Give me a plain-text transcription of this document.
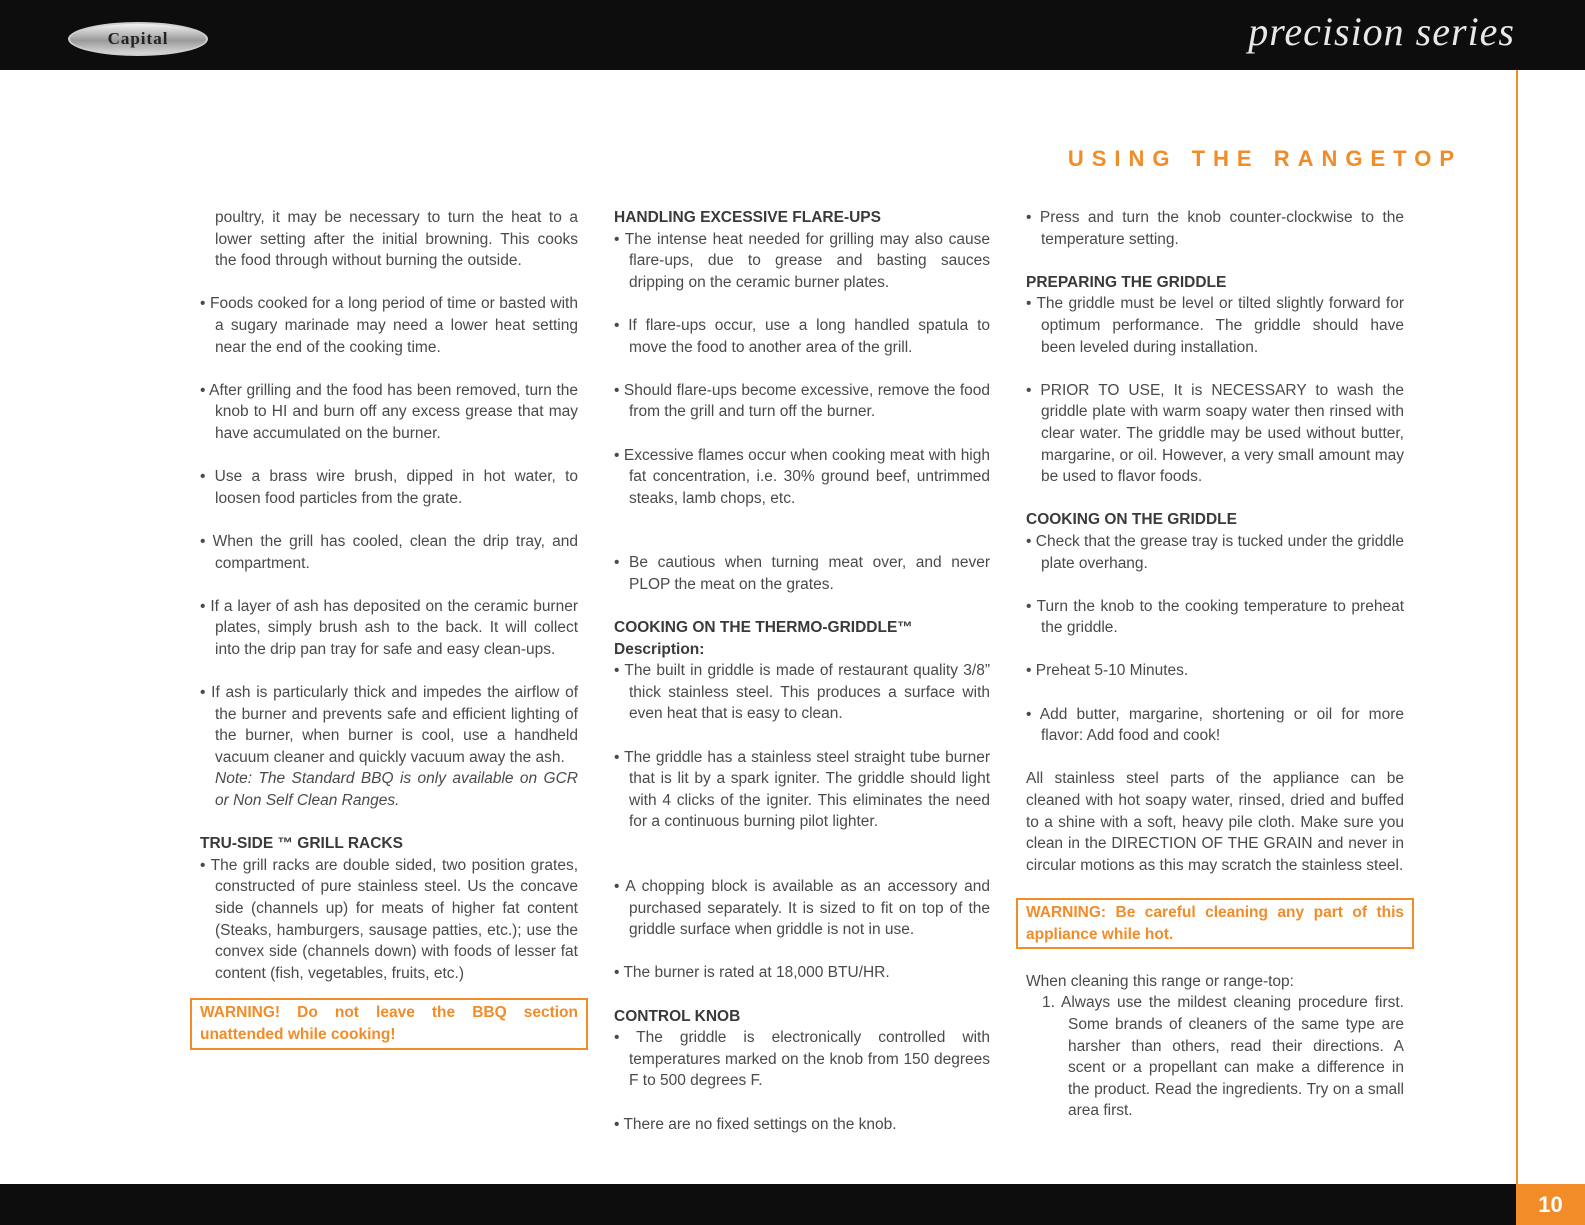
Capital	precision series
USING THE RANGETOP

poultry, it may be necessary to turn the heat to a lower setting after the initial browning. This cooks the food through without burning the outside.

• Foods cooked for a long period of time or basted with a sugary marinade may need a lower heat setting near the end of the cooking time.

• After grilling and the food has been removed, turn the knob to HI and burn off any excess grease that may have accumulated on the burner.

• Use a brass wire brush, dipped in hot water, to loosen food particles from the grate.

• When the grill has cooled, clean the drip tray, and compartment.

• If a layer of ash has deposited on the ceramic burner plates, simply brush ash to the back. It will collect into the drip pan tray for safe and easy clean-ups.

• If ash is particularly thick and impedes the airflow of the burner and prevents safe and efficient lighting of the burner, when burner is cool, use a handheld vacuum cleaner and quickly vacuum away the ash.

Note: The Standard BBQ is only available on GCR or Non Self Clean Ranges.

TRU-SIDE ™ GRILL RACKS

• The grill racks are double sided, two position grates, constructed of pure stainless steel. Us the concave side (channels up) for meats of higher fat content (Steaks, hamburgers, sausage patties, etc.); use the convex side (channels down) with foods of lesser fat content (fish, vegetables, fruits, etc.)

WARNING! Do not leave the BBQ section unattended while cooking!

HANDLING EXCESSIVE FLARE-UPS

• The intense heat needed for grilling may also cause flare-ups, due to grease and basting sauces dripping on the ceramic burner plates.

• If flare-ups occur, use a long handled spatula to move the food to another area of the grill.

• Should flare-ups become excessive, remove the food from the grill and turn off the burner.

• Excessive flames occur when cooking meat with high fat concentration, i.e. 30% ground beef, untrimmed steaks, lamb chops, etc.

• Be cautious when turning meat over, and never PLOP the meat on the grates.

COOKING ON THE THERMO-GRIDDLE™

Description:

• The built in griddle is made of restaurant quality 3/8” thick stainless steel. This produces a surface with even heat that is easy to clean.

• The griddle has a stainless steel straight tube burner that is lit by a spark igniter. The griddle should light with 4 clicks of the igniter. This eliminates the need for a continuous burning pilot lighter.

• A chopping block is available as an accessory and purchased separately. It is sized to fit on top of the griddle surface when griddle is not in use.

• The burner is rated at 18,000 BTU/HR.

CONTROL KNOB

• The griddle is electronically controlled with temperatures marked on the knob from 150 degrees F to 500 degrees F.

• There are no fixed settings on the knob.

• Press and turn the knob counter-clockwise to the temperature setting.

PREPARING THE GRIDDLE

• The griddle must be level or tilted slightly forward for optimum performance. The griddle should have been leveled during installation.

• PRIOR TO USE, It is NECESSARY to wash the griddle plate with warm soapy water then rinsed with clear water. The griddle may be used without butter, margarine, or oil. However, a very small amount may be used to flavor foods.

COOKING ON THE GRIDDLE

• Check that the grease tray is tucked under the griddle plate overhang.

• Turn the knob to the cooking temperature to preheat the griddle.

• Preheat 5-10 Minutes.

• Add butter, margarine, shortening or oil for more flavor: Add food and cook!

All stainless steel parts of the appliance can be cleaned with hot soapy water, rinsed, dried and buffed to a shine with a soft, heavy pile cloth. Make sure you clean in the DIRECTION OF THE GRAIN and never in circular motions as this may scratch the stainless steel.

WARNING: Be careful cleaning any part of this appliance while hot.

When cleaning this range or range-top:

1. Always use the mildest cleaning procedure first. Some brands of cleaners of the same type are harsher than others, read their directions. A scent or a propellant can make a difference in the product. Read the ingredients. Try on a small area first.

10
